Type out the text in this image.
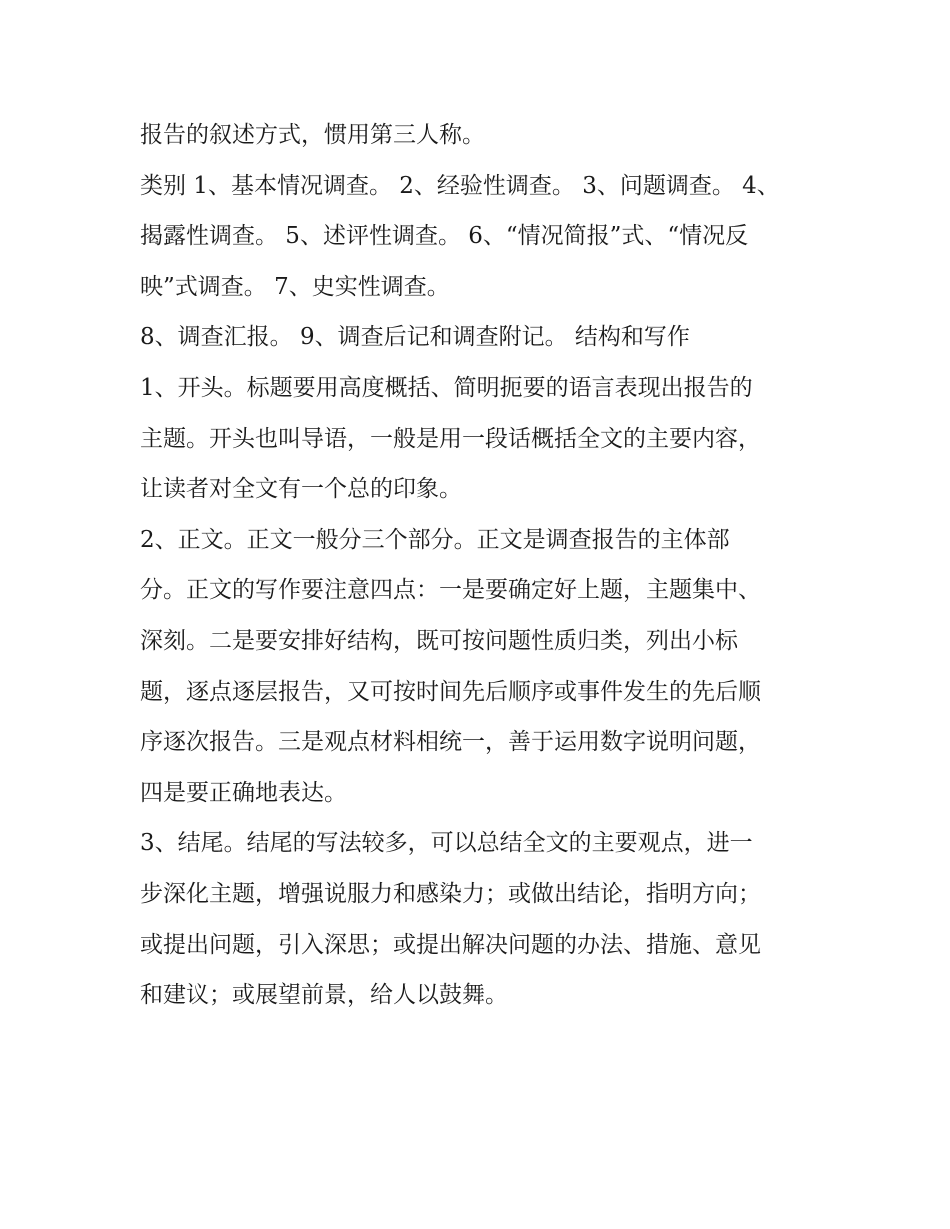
报告的叙述方式，惯用第三人称。
类别 1、基本情况调查。 2、经验性调查。 3、问题调查。 4、
揭露性调查。 5、述评性调查。 6、“情况简报”式、“情况反
映”式调查。 7、史实性调查。
8、调查汇报。 9、调查后记和调查附记。 结构和写作
1、开头。标题要用高度概括、简明扼要的语言表现出报告的
主题。开头也叫导语，一般是用一段话概括全文的主要内容，
让读者对全文有一个总的印象。
2、正文。正文一般分三个部分。正文是调查报告的主体部
分。正文的写作要注意四点：一是要确定好上题，主题集中、
深刻。二是要安排好结构，既可按问题性质归类，列出小标
题，逐点逐层报告，又可按时间先后顺序或事件发生的先后顺
序逐次报告。三是观点材料相统一，善于运用数字说明问题，
四是要正确地表达。
3、结尾。结尾的写法较多，可以总结全文的主要观点，进一
步深化主题，增强说服力和感染力；或做出结论，指明方向；
或提出问题，引入深思；或提出解决问题的办法、措施、意见
和建议；或展望前景，给人以鼓舞。
